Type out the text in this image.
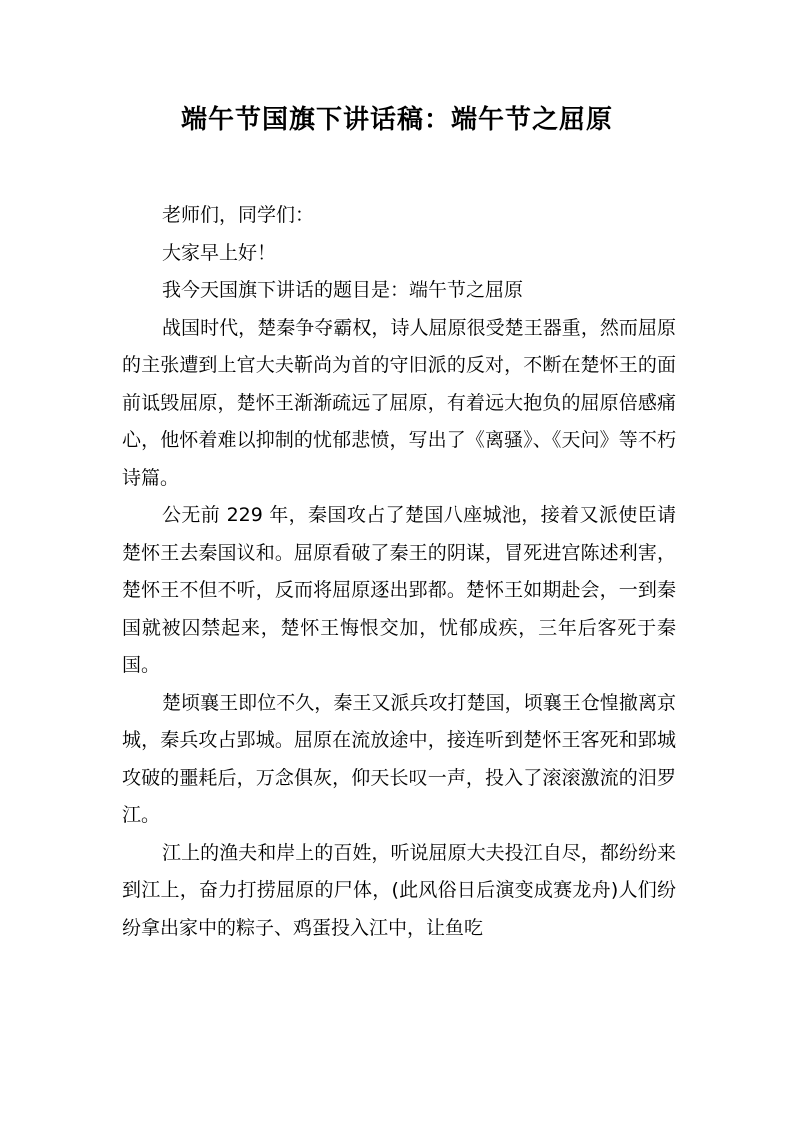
端午节国旗下讲话稿：端午节之屈原

老师们，同学们：

大家早上好！

我今天国旗下讲话的题目是：端午节之屈原

战国时代，楚秦争夺霸权，诗人屈原很受楚王器重，然而屈原的主张遭到上官大夫靳尚为首的守旧派的反对，不断在楚怀王的面前诋毁屈原，楚怀王渐渐疏远了屈原，有着远大抱负的屈原倍感痛心，他怀着难以抑制的忧郁悲愤，写出了《离骚》、《天问》等不朽诗篇。

公无前 229 年，秦国攻占了楚国八座城池，接着又派使臣请楚怀王去秦国议和。屈原看破了秦王的阴谋，冒死进宫陈述利害，楚怀王不但不听，反而将屈原逐出郢都。楚怀王如期赴会，一到秦国就被囚禁起来，楚怀王悔恨交加，忧郁成疾，三年后客死于秦国。

楚顷襄王即位不久，秦王又派兵攻打楚国，顷襄王仓惶撤离京城，秦兵攻占郢城。屈原在流放途中，接连听到楚怀王客死和郢城攻破的噩耗后，万念俱灰，仰天长叹一声，投入了滚滚激流的汨罗江。

江上的渔夫和岸上的百姓，听说屈原大夫投江自尽，都纷纷来到江上，奋力打捞屈原的尸体，(此风俗日后演变成赛龙舟)人们纷纷拿出家中的粽子、鸡蛋投入江中，让鱼吃
